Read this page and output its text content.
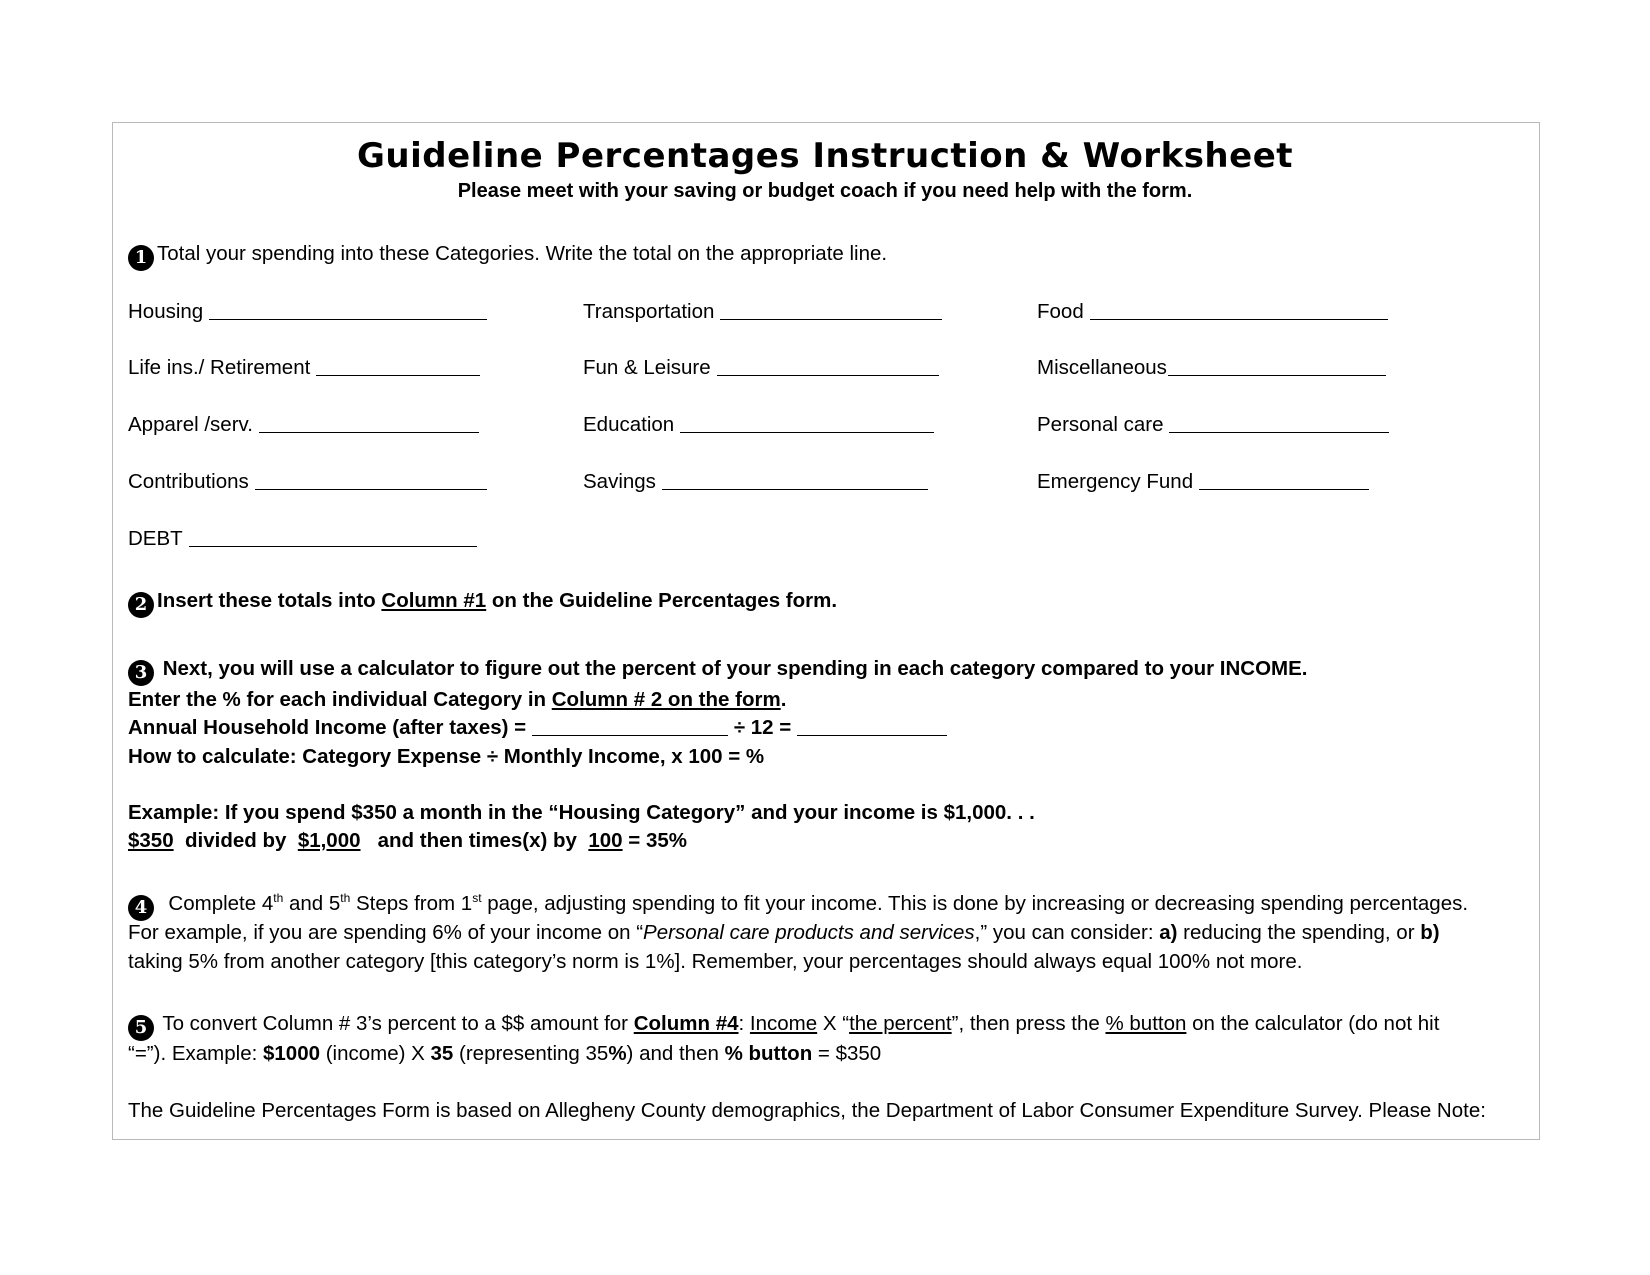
Guideline Percentages Instruction & Worksheet
Please meet with your saving or budget coach if you need help with the form.
1 Total your spending into these Categories. Write the total on the appropriate line.
Housing	Transportation	Food
Life ins./ Retirement	Fun & Leisure	Miscellaneous
Apparel /serv.	Education	Personal care
Contributions	Savings	Emergency Fund
DEBT
2 Insert these totals into Column #1 on the Guideline Percentages form.
3 Next, you will use a calculator to figure out the percent of your spending in each category compared to your INCOME.
Enter the % for each individual Category in Column # 2 on the form.
Annual Household Income (after taxes) =	÷ 12 =
How to calculate: Category Expense ÷ Monthly Income, x 100 = %
Example: If you spend $350 a month in the “Housing Category” and your income is $1,000. . .
$350 divided by $1,000 and then times(x) by 100 = 35%
4 Complete 4th and 5th Steps from 1st page, adjusting spending to fit your income. This is done by increasing or decreasing spending percentages.
For example, if you are spending 6% of your income on “Personal care products and services,” you can consider: a) reducing the spending, or b)
taking 5% from another category [this category’s norm is 1%]. Remember, your percentages should always equal 100% not more.
5 To convert Column # 3’s percent to a $$ amount for Column #4: Income X “the percent”, then press the % button on the calculator (do not hit
“=”). Example: $1000 (income) X 35 (representing 35%) and then % button = $350
The Guideline Percentages Form is based on Allegheny County demographics, the Department of Labor Consumer Expenditure Survey. Please Note:
